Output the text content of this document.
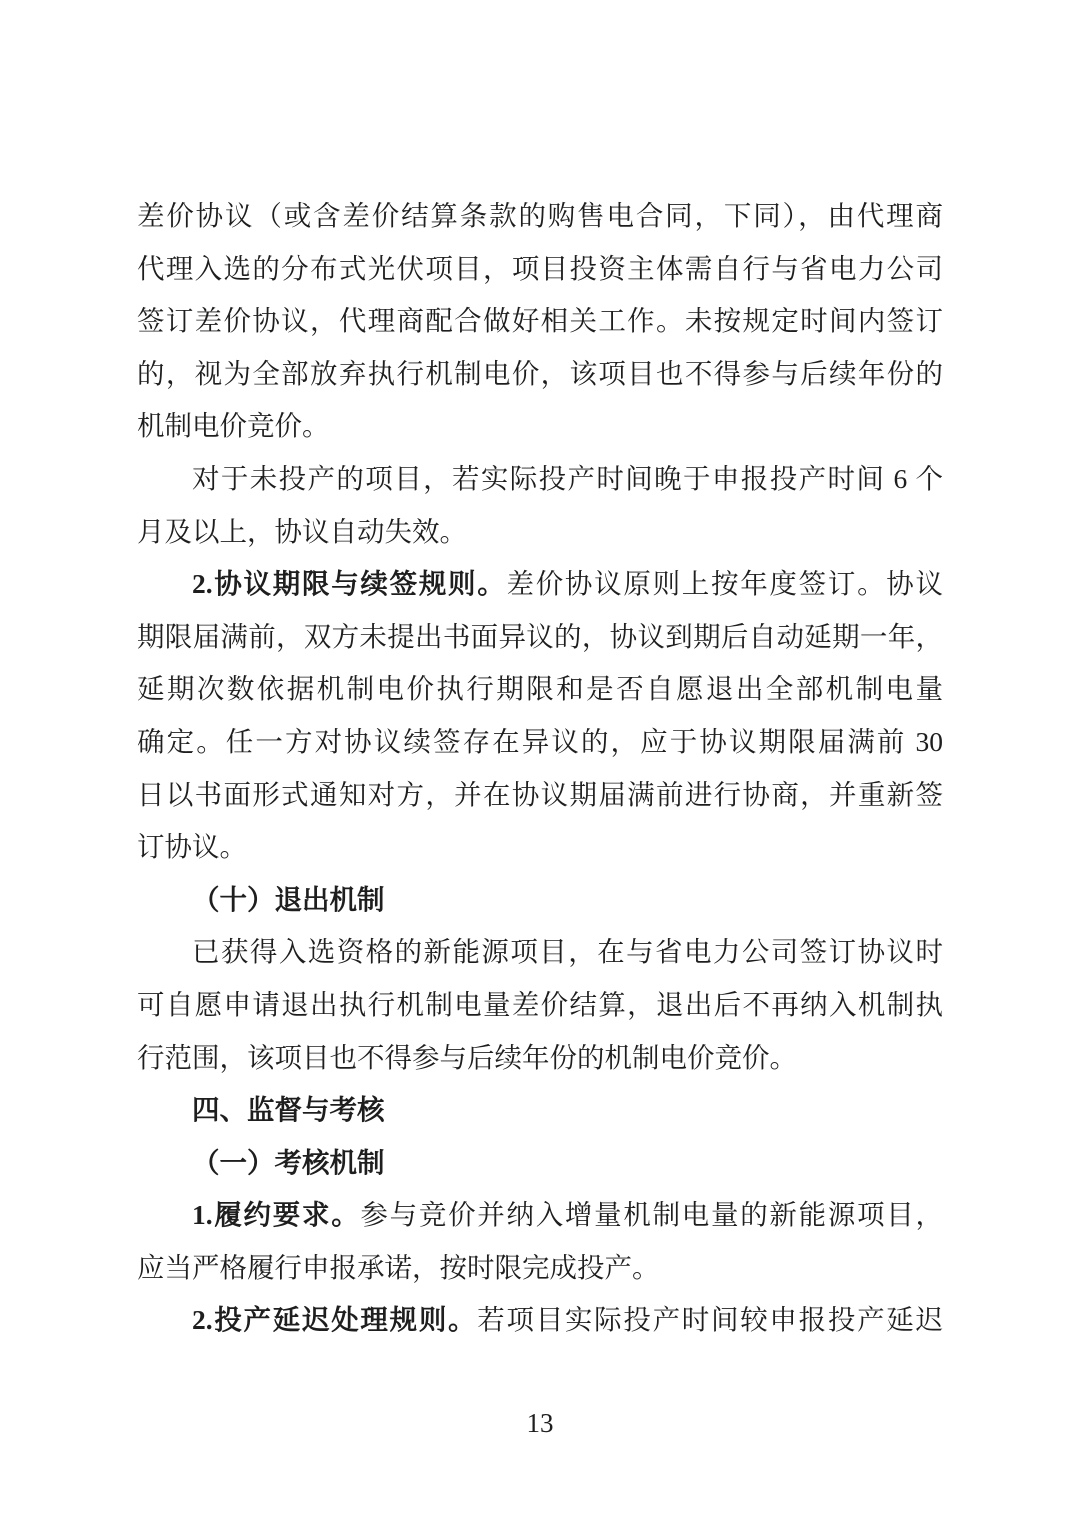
差价协议（或含差价结算条款的购售电合同，下同），由代理商
代理入选的分布式光伏项目，项目投资主体需自行与省电力公司
签订差价协议，代理商配合做好相关工作。未按规定时间内签订
的，视为全部放弃执行机制电价，该项目也不得参与后续年份的
机制电价竞价。
对于未投产的项目，若实际投产时间晚于申报投产时间 6 个
月及以上，协议自动失效。
2.协议期限与续签规则。差价协议原则上按年度签订。协议
期限届满前，双方未提出书面异议的，协议到期后自动延期一年，
延期次数依据机制电价执行期限和是否自愿退出全部机制电量
确定。任一方对协议续签存在异议的，应于协议期限届满前 30
日以书面形式通知对方，并在协议期届满前进行协商，并重新签
订协议。
（十）退出机制
已获得入选资格的新能源项目，在与省电力公司签订协议时
可自愿申请退出执行机制电量差价结算，退出后不再纳入机制执
行范围，该项目也不得参与后续年份的机制电价竞价。
四、监督与考核
（一）考核机制
1.履约要求。参与竞价并纳入增量机制电量的新能源项目，
应当严格履行申报承诺，按时限完成投产。
2.投产延迟处理规则。若项目实际投产时间较申报投产延迟
13
